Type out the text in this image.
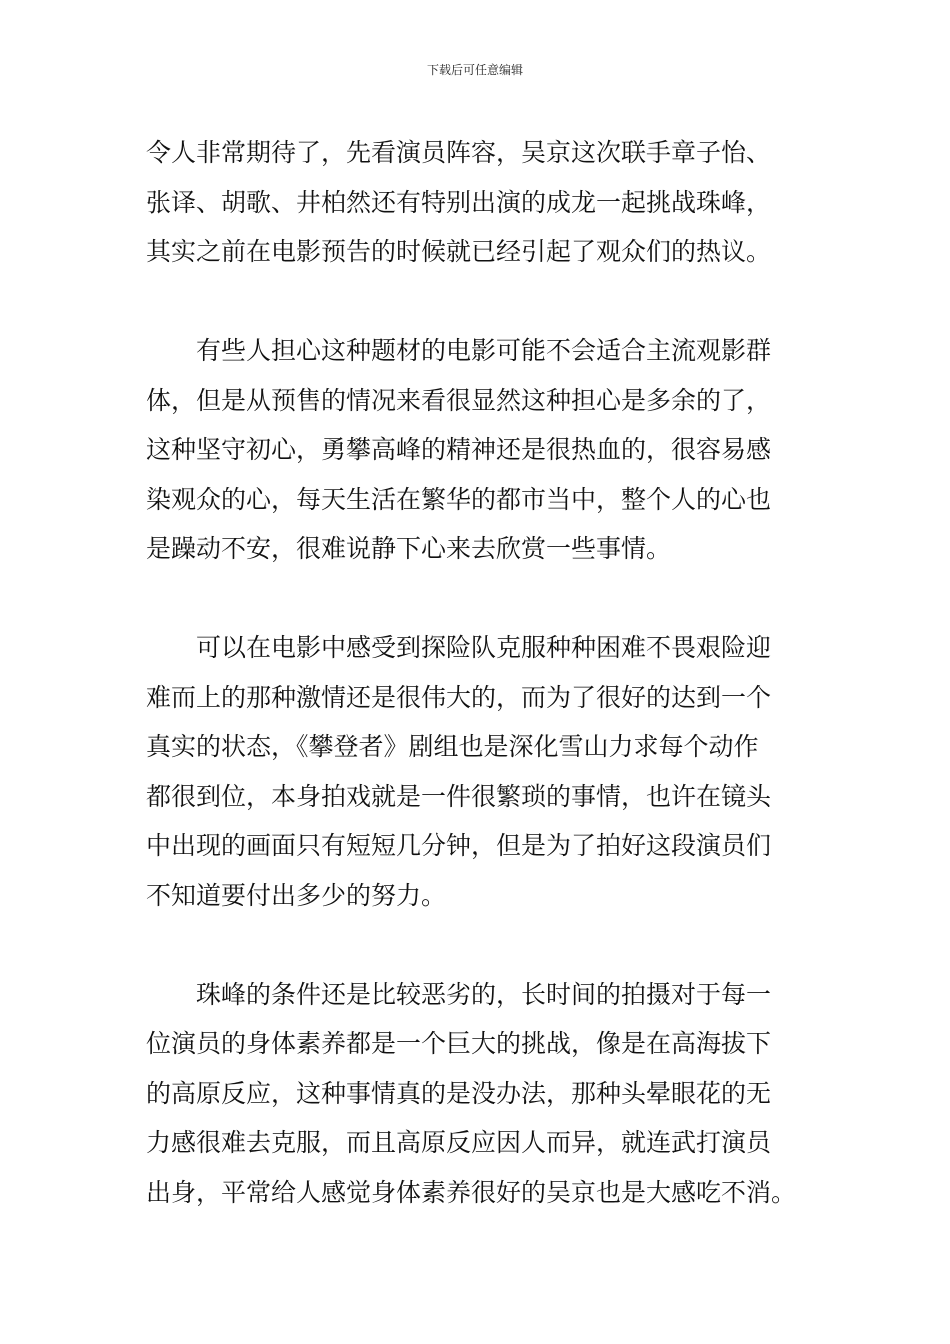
下载后可任意编辑
令人非常期待了，先看演员阵容，吴京这次联手章子怡、
张译、胡歌、井柏然还有特别出演的成龙一起挑战珠峰，
其实之前在电影预告的时候就已经引起了观众们的热议。
有些人担心这种题材的电影可能不会适合主流观影群
体，但是从预售的情况来看很显然这种担心是多余的了，
这种坚守初心，勇攀高峰的精神还是很热血的，很容易感
染观众的心，每天生活在繁华的都市当中，整个人的心也
是躁动不安，很难说静下心来去欣赏一些事情。
可以在电影中感受到探险队克服种种困难不畏艰险迎
难而上的那种激情还是很伟大的，而为了很好的达到一个
真实的状态，《攀登者》剧组也是深化雪山力求每个动作
都很到位，本身拍戏就是一件很繁琐的事情，也许在镜头
中出现的画面只有短短几分钟，但是为了拍好这段演员们
不知道要付出多少的努力。
珠峰的条件还是比较恶劣的，长时间的拍摄对于每一
位演员的身体素养都是一个巨大的挑战，像是在高海拔下
的高原反应，这种事情真的是没办法，那种头晕眼花的无
力感很难去克服，而且高原反应因人而异，就连武打演员
出身，平常给人感觉身体素养很好的吴京也是大感吃不消。
